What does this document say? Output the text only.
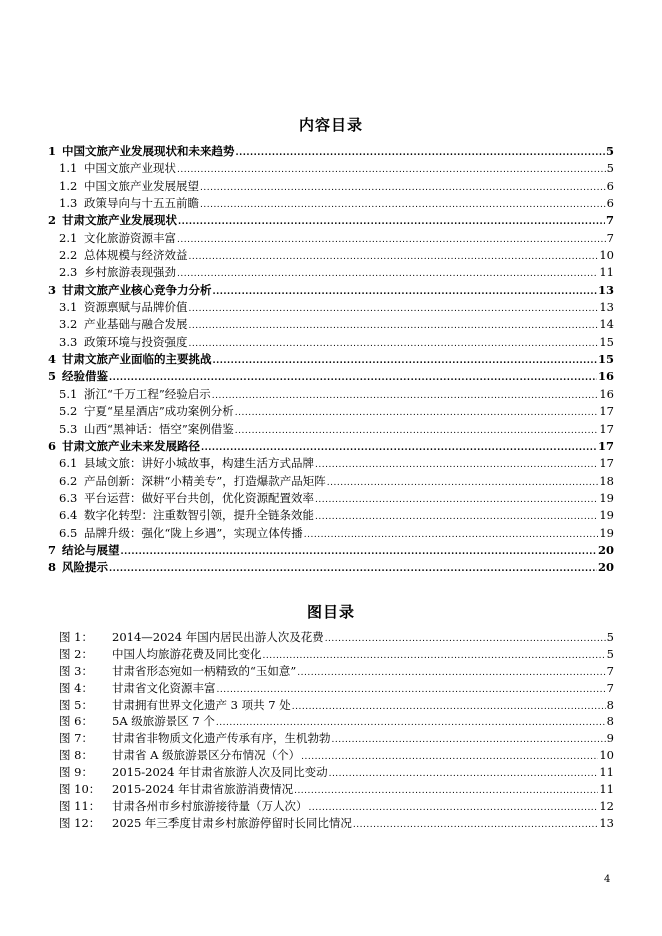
内容目录
1 中国文旅产业发展现状和未来趋势 .....	5
1.1 中国文旅产业现状 .....	5
1.2 中国文旅产业发展展望 .....	6
1.3 政策导向与十五五前瞻 .....	6
2 甘肃文旅产业发展现状 .....	7
2.1 文化旅游资源丰富 .....	7
2.2 总体规模与经济效益 .....	10
2.3 乡村旅游表现强劲 .....	11
3 甘肃文旅产业核心竞争力分析 .....	13
3.1 资源禀赋与品牌价值 .....	13
3.2 产业基础与融合发展 .....	14
3.3 政策环境与投资强度 .....	15
4 甘肃文旅产业面临的主要挑战 .....	15
5 经验借鉴 .....	16
5.1 浙江“千万工程”经验启示 .....	16
5.2 宁夏“星星酒店”成功案例分析 .....	17
5.3 山西“黑神话：悟空”案例借鉴 .....	17
6 甘肃文旅产业未来发展路径 .....	17
6.1 县域文旅：讲好小城故事，构建生活方式品牌 .....	17
6.2 产品创新：深耕“小精美专”，打造爆款产品矩阵 .....	18
6.3 平台运营：做好平台共创，优化资源配置效率 .....	19
6.4 数字化转型：注重数智引领，提升全链条效能 .....	19
6.5 品牌升级：强化“陇上乡遇”，实现立体传播 .....	19
7 结论与展望 .....	20
8 风险提示 .....	20
图目录
图 1：	2014—2024 年国内居民出游人次及花费 .....	5
图 2：	中国人均旅游花费及同比变化 .....	5
图 3：	甘肃省形态宛如一柄精致的“玉如意” .....	7
图 4：	甘肃省文化资源丰富 .....	7
图 5：	甘肃拥有世界文化遗产 3 项共 7 处 .....	8
图 6：	5A 级旅游景区 7 个 .....	8
图 7：	甘肃省非物质文化遗产传承有序，生机勃勃 .....	9
图 8：	甘肃省 A 级旅游景区分布情况（个） .....	10
图 9：	2015-2024 年甘肃省旅游人次及同比变动 .....	11
图 10：	2015-2024 年甘肃省旅游消费情况 .....	11
图 11：	甘肃各州市乡村旅游接待量（万人次） .....	12
图 12：	2025 年三季度甘肃乡村旅游停留时长同比情况 .....	13
4
